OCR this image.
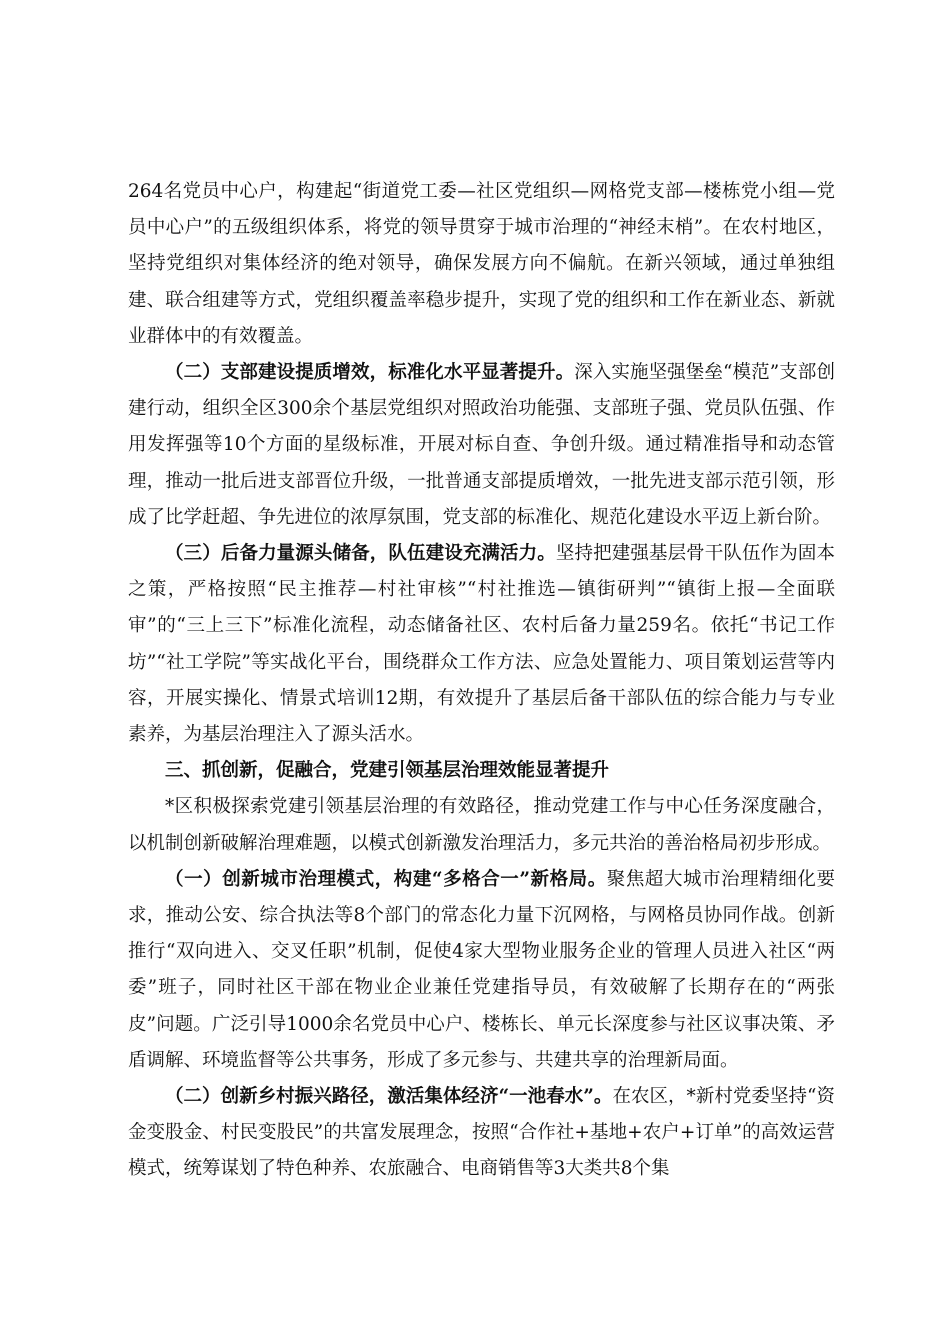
264名党员中心户，构建起“街道党工委—社区党组织—网格党支部—楼栋党小组—党员中心户”的五级组织体系，将党的领导贯穿于城市治理的“神经末梢”。在农村地区，坚持党组织对集体经济的绝对领导，确保发展方向不偏航。在新兴领域，通过单独组建、联合组建等方式，党组织覆盖率稳步提升，实现了党的组织和工作在新业态、新就业群体中的有效覆盖。

（二）支部建设提质增效，标准化水平显著提升。深入实施坚强堡垒“模范”支部创建行动，组织全区300余个基层党组织对照政治功能强、支部班子强、党员队伍强、作用发挥强等10个方面的星级标准，开展对标自查、争创升级。通过精准指导和动态管理，推动一批后进支部晋位升级，一批普通支部提质增效，一批先进支部示范引领，形成了比学赶超、争先进位的浓厚氛围，党支部的标准化、规范化建设水平迈上新台阶。

（三）后备力量源头储备，队伍建设充满活力。坚持把建强基层骨干队伍作为固本之策，严格按照“民主推荐—村社审核”“村社推选—镇街研判”“镇街上报—全面联审”的“三上三下”标准化流程，动态储备社区、农村后备力量259名。依托“书记工作坊”“社工学院”等实战化平台，围绕群众工作方法、应急处置能力、项目策划运营等内容，开展实操化、情景式培训12期，有效提升了基层后备干部队伍的综合能力与专业素养，为基层治理注入了源头活水。

三、抓创新，促融合，党建引领基层治理效能显著提升

*区积极探索党建引领基层治理的有效路径，推动党建工作与中心任务深度融合，以机制创新破解治理难题，以模式创新激发治理活力，多元共治的善治格局初步形成。

（一）创新城市治理模式，构建“多格合一”新格局。聚焦超大城市治理精细化要求，推动公安、综合执法等8个部门的常态化力量下沉网格，与网格员协同作战。创新推行“双向进入、交叉任职”机制，促使4家大型物业服务企业的管理人员进入社区“两委”班子，同时社区干部在物业企业兼任党建指导员，有效破解了长期存在的“两张皮”问题。广泛引导1000余名党员中心户、楼栋长、单元长深度参与社区议事决策、矛盾调解、环境监督等公共事务，形成了多元参与、共建共享的治理新局面。

（二）创新乡村振兴路径，激活集体经济“一池春水”。在农区，*新村党委坚持“资金变股金、村民变股民”的共富发展理念，按照“合作社+基地+农户+订单”的高效运营模式，统筹谋划了特色种养、农旅融合、电商销售等3大类共8个集
